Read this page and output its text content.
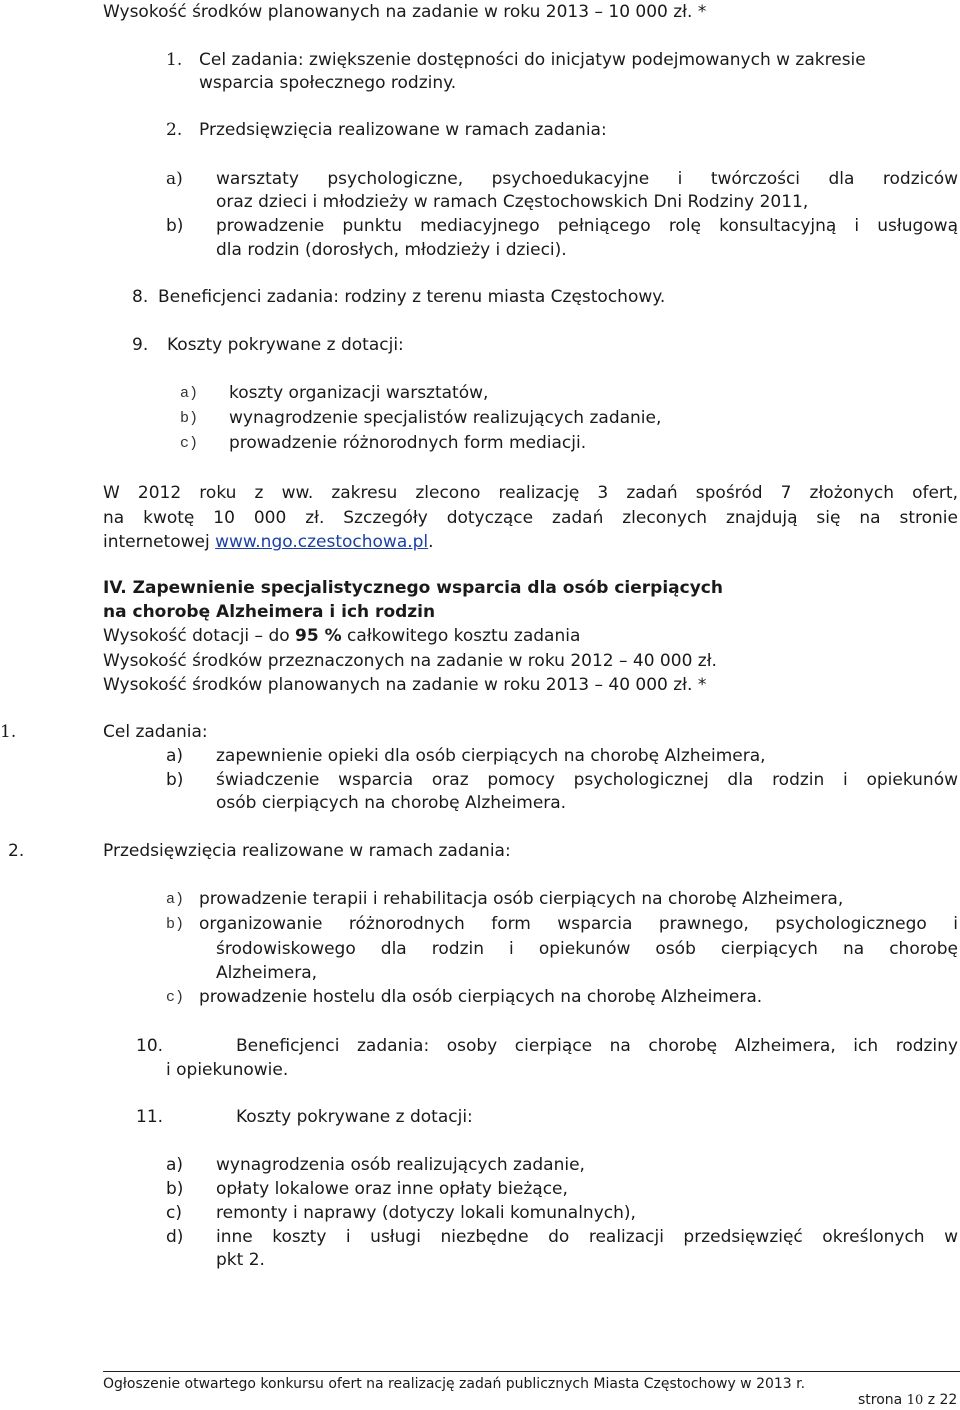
Wysokość środków planowanych na zadanie w roku 2013 – 10 000 zł. *
1. Cel zadania: zwiększenie dostępności do inicjatyw podejmowanych w zakresie
wsparcia społecznego rodziny.
2. Przedsięwzięcia realizowane w ramach zadania:
a) warsztaty psychologiczne, psychoedukacyjne i twórczości dla rodziców
oraz dzieci i młodzieży w ramach Częstochowskich Dni Rodziny 2011,
b) prowadzenie punktu mediacyjnego pełniącego rolę konsultacyjną i usługową
dla rodzin (dorosłych, młodzieży i dzieci).
8. Beneficjenci zadania: rodziny z terenu miasta Częstochowy.
9. Koszty pokrywane z dotacji:
a) koszty organizacji warsztatów,
b) wynagrodzenie specjalistów realizujących zadanie,
c) prowadzenie różnorodnych form mediacji.
W 2012 roku z ww. zakresu zlecono realizację 3 zadań spośród 7 złożonych ofert,
na kwotę 10 000 zł. Szczegóły dotyczące zadań zleconych znajdują się na stronie
internetowej www.ngo.czestochowa.pl.
IV. Zapewnienie specjalistycznego wsparcia dla osób cierpiących
na chorobę Alzheimera i ich rodzin
Wysokość dotacji – do 95 % całkowitego kosztu zadania
Wysokość środków przeznaczonych na zadanie w roku 2012 – 40 000 zł.
Wysokość środków planowanych na zadanie w roku 2013 – 40 000 zł. *
1.	Cel zadania:
a) zapewnienie opieki dla osób cierpiących na chorobę Alzheimera,
b) świadczenie wsparcia oraz pomocy psychologicznej dla rodzin i opiekunów
osób cierpiących na chorobę Alzheimera.
2.	Przedsięwzięcia realizowane w ramach zadania:
a) prowadzenie terapii i rehabilitacja osób cierpiących na chorobę Alzheimera,
b) organizowanie różnorodnych form wsparcia prawnego, psychologicznego i
środowiskowego dla rodzin i opiekunów osób cierpiących na chorobę
Alzheimera,
c) prowadzenie hostelu dla osób cierpiących na chorobę Alzheimera.
10.	Beneficjenci zadania: osoby cierpiące na chorobę Alzheimera, ich rodziny
i opiekunowie.
11.	Koszty pokrywane z dotacji:
a) wynagrodzenia osób realizujących zadanie,
b) opłaty lokalowe oraz inne opłaty bieżące,
c) remonty i naprawy (dotyczy lokali komunalnych),
d) inne koszty i usługi niezbędne do realizacji przedsięwzięć określonych w
pkt 2.
Ogłoszenie otwartego konkursu ofert na realizację zadań publicznych Miasta Częstochowy w 2013 r.
strona 10 z 22
